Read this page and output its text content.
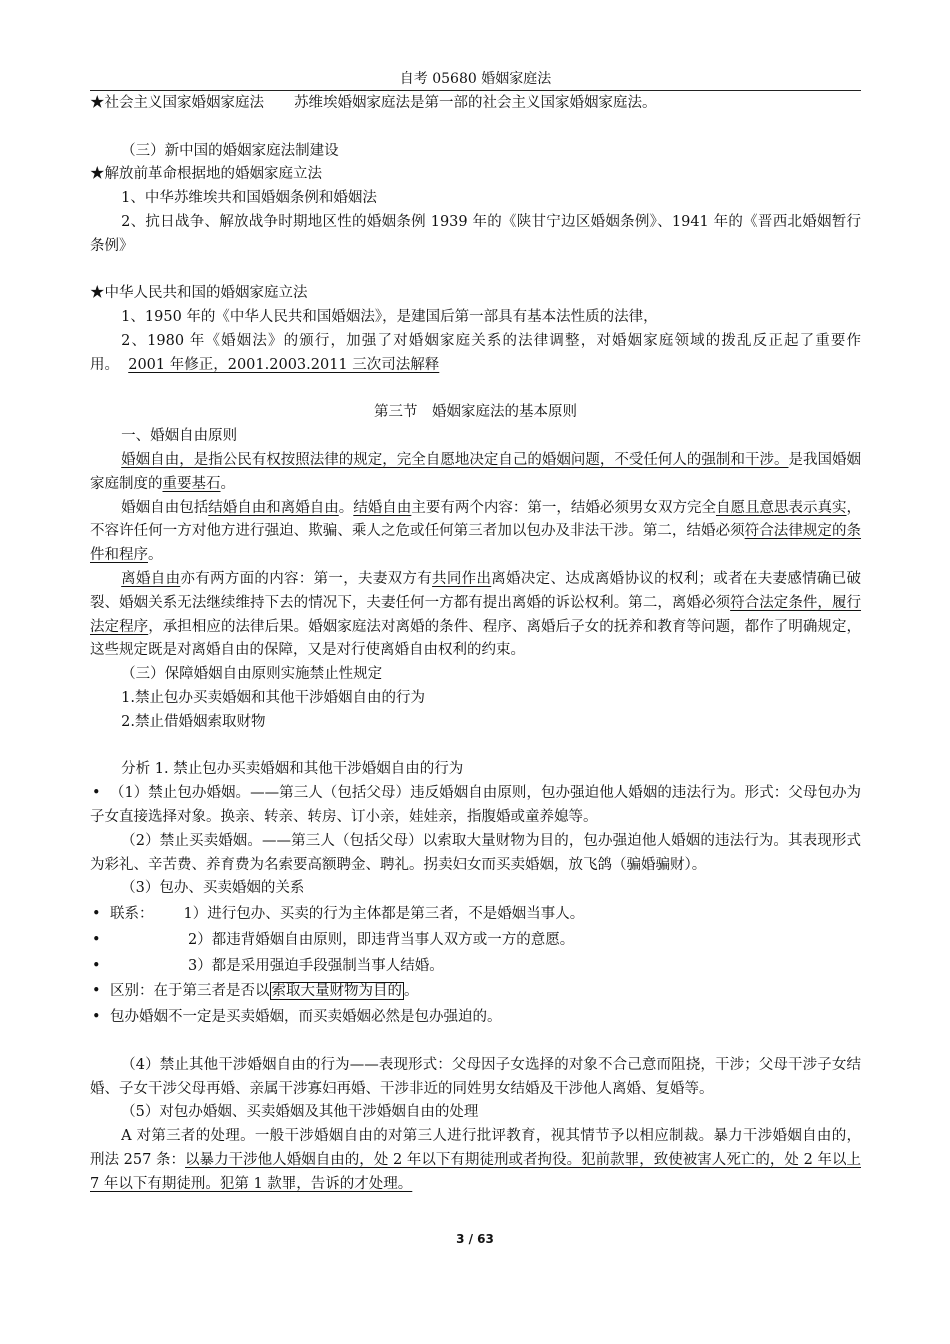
自考 05680 婚姻家庭法

★社会主义国家婚姻家庭法 苏维埃婚姻家庭法是第一部的社会主义国家婚姻家庭法。

（三）新中国的婚姻家庭法制建设

★解放前革命根据地的婚姻家庭立法

1、中华苏维埃共和国婚姻条例和婚姻法

2、抗日战争、解放战争时期地区性的婚姻条例 1939 年的《陕甘宁边区婚姻条例》、1941 年的《晋西北婚姻暂行条例》

★中华人民共和国的婚姻家庭立法

1、1950 年的《中华人民共和国婚姻法》，是建国后第一部具有基本法性质的法律，

2、1980 年《婚姻法》的颁行，加强了对婚姻家庭关系的法律调整，对婚姻家庭领域的拨乱反正起了重要作用。 2001 年修正，2001.2003.2011 三次司法解释

第三节　婚姻家庭法的基本原则

一、婚姻自由原则

婚姻自由，是指公民有权按照法律的规定，完全自愿地决定自己的婚姻问题，不受任何人的强制和干涉。是我国婚姻家庭制度的重要基石。

婚姻自由包括结婚自由和离婚自由。结婚自由主要有两个内容：第一，结婚必须男女双方完全自愿且意思表示真实，不容许任何一方对他方进行强迫、欺骗、乘人之危或任何第三者加以包办及非法干涉。第二，结婚必须符合法律规定的条件和程序。

离婚自由亦有两方面的内容：第一，夫妻双方有共同作出离婚决定、达成离婚协议的权利；或者在夫妻感情确已破裂、婚姻关系无法继续维持下去的情况下，夫妻任何一方都有提出离婚的诉讼权利。第二，离婚必须符合法定条件，履行法定程序，承担相应的法律后果。婚姻家庭法对离婚的条件、程序、离婚后子女的抚养和教育等问题，都作了明确规定，这些规定既是对离婚自由的保障，又是对行使离婚自由权利的约束。

（三）保障婚姻自由原则实施禁止性规定

1.禁止包办买卖婚姻和其他干涉婚姻自由的行为

2.禁止借婚姻索取财物

分析 1. 禁止包办买卖婚姻和其他干涉婚姻自由的行为

• （1）禁止包办婚姻。——第三人（包括父母）违反婚姻自由原则，包办强迫他人婚姻的违法行为。形式：父母包办为子女直接选择对象。换亲、转亲、转房、订小亲，娃娃亲，指腹婚或童养媳等。

（2）禁止买卖婚姻。——第三人（包括父母）以索取大量财物为目的，包办强迫他人婚姻的违法行为。其表现形式为彩礼、辛苦费、养育费为名索要高额聘金、聘礼。拐卖妇女而买卖婚姻，放飞鸽（骗婚骗财）。

（3）包办、买卖婚姻的关系

• 联系： 1）进行包办、买卖的行为主体都是第三者，不是婚姻当事人。

•	2）都违背婚姻自由原则，即违背当事人双方或一方的意愿。

•	3）都是采用强迫手段强制当事人结婚。

• 区别：在于第三者是否以 索取大量财物为目的 。

• 包办婚姻不一定是买卖婚姻，而买卖婚姻必然是包办强迫的。

（4）禁止其他干涉婚姻自由的行为——表现形式：父母因子女选择的对象不合己意而阻挠，干涉；父母干涉子女结婚、子女干涉父母再婚、亲属干涉寡妇再婚、干涉非近的同姓男女结婚及干涉他人离婚、复婚等。

（5）对包办婚姻、买卖婚姻及其他干涉婚姻自由的处理

A 对第三者的处理。一般干涉婚姻自由的对第三人进行批评教育，视其情节予以相应制裁。暴力干涉婚姻自由的，刑法 257 条：以暴力干涉他人婚姻自由的，处 2 年以下有期徒刑或者拘役。犯前款罪，致使被害人死亡的，处 2 年以上 7 年以下有期徒刑。犯第 1 款罪，告诉的才处理。

3 / 63
